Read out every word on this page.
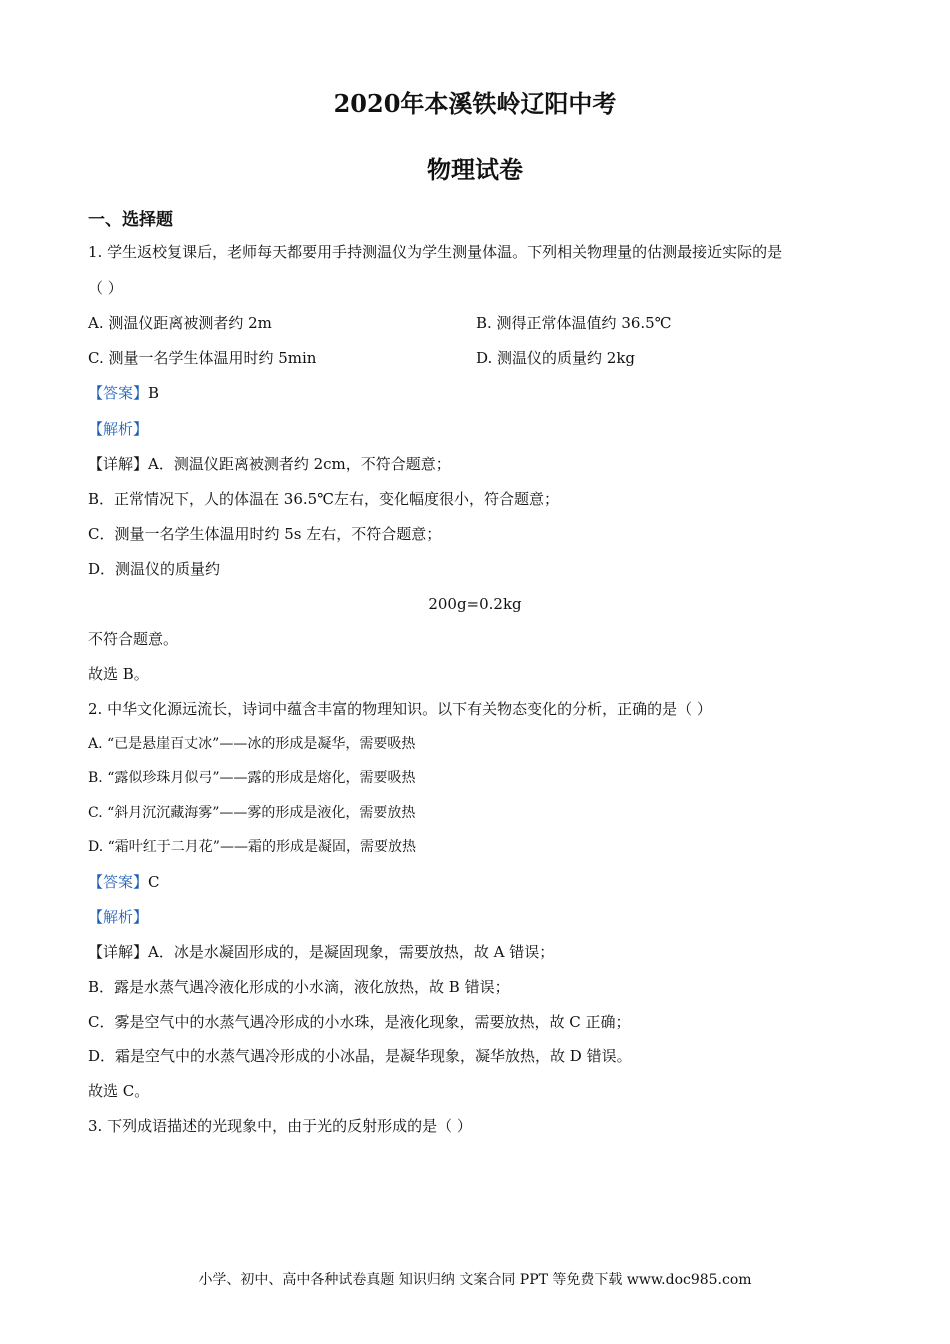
2020年本溪铁岭辽阳中考
物理试卷
一、选择题
1. 学生返校复课后，老师每天都要用手持测温仪为学生测量体温。下列相关物理量的估测最接近实际的是
（ ）
A. 测温仪距离被测者约 2m	B. 测得正常体温值约 36.5℃
C. 测量一名学生体温用时约 5min	D. 测温仪的质量约 2kg
【答案】B
【解析】
【详解】A．测温仪距离被测者约 2cm，不符合题意；
B．正常情况下，人的体温在 36.5℃左右，变化幅度很小，符合题意；
C．测量一名学生体温用时约 5s 左右，不符合题意；
D．测温仪的质量约
200g=0.2kg
不符合题意。
故选 B。
2. 中华文化源远流长，诗词中蕴含丰富的物理知识。以下有关物态变化的分析，正确的是（ ）
A. “已是悬崖百丈冰”——冰的形成是凝华，需要吸热
B. “露似珍珠月似弓”——露的形成是熔化，需要吸热
C. “斜月沉沉藏海雾”——雾的形成是液化，需要放热
D. “霜叶红于二月花”——霜的形成是凝固，需要放热
【答案】C
【解析】
【详解】A．冰是水凝固形成的，是凝固现象，需要放热，故 A 错误；
B．露是水蒸气遇冷液化形成的小水滴，液化放热，故 B 错误；
C．雾是空气中的水蒸气遇冷形成的小水珠，是液化现象，需要放热，故 C 正确；
D．霜是空气中的水蒸气遇冷形成的小冰晶，是凝华现象，凝华放热，故 D 错误。
故选 C。
3. 下列成语描述的光现象中，由于光的反射形成的是（ ）
小学、初中、高中各种试卷真题 知识归纳 文案合同 PPT 等免费下载 www.doc985.com
